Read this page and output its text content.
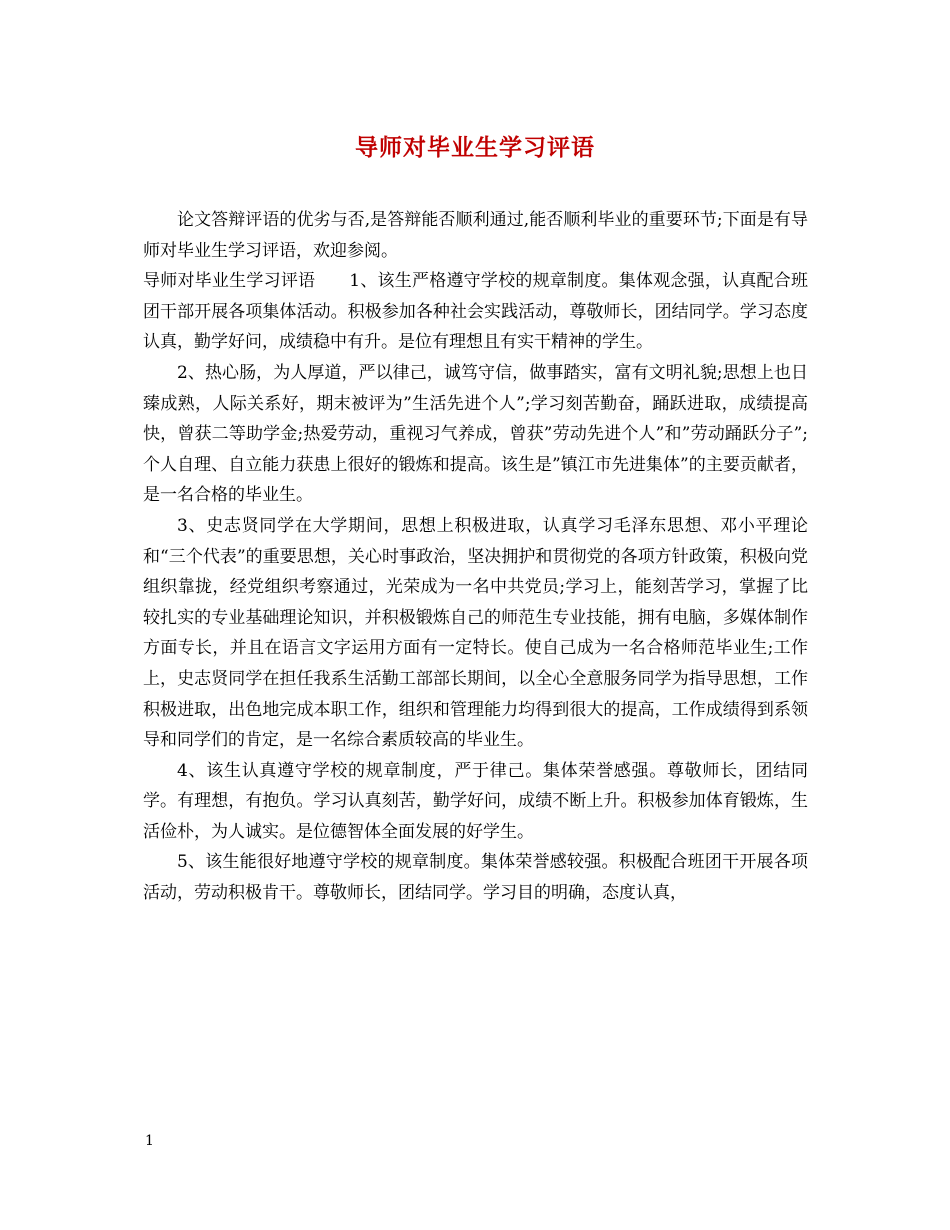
导师对毕业生学习评语

论文答辩评语的优劣与否,是答辩能否顺利通过,能否顺利毕业的重要环节;下面是有导师对毕业生学习评语，欢迎参阅。

导师对毕业生学习评语 1、该生严格遵守学校的规章制度。集体观念强，认真配合班团干部开展各项集体活动。积极参加各种社会实践活动，尊敬师长，团结同学。学习态度认真，勤学好问，成绩稳中有升。是位有理想且有实干精神的学生。

2、热心肠，为人厚道，严以律己，诚笃守信，做事踏实，富有文明礼貌;思想上也日臻成熟，人际关系好，期末被评为”生活先进个人”;学习刻苦勤奋，踊跃进取，成绩提高快，曾获二等助学金;热爱劳动，重视习气养成，曾获”劳动先进个人”和”劳动踊跃分子”;个人自理、自立能力获患上很好的锻炼和提高。该生是”镇江市先进集体”的主要贡献者，是一名合格的毕业生。

3、史志贤同学在大学期间，思想上积极进取，认真学习毛泽东思想、邓小平理论和“三个代表”的重要思想，关心时事政治，坚决拥护和贯彻党的各项方针政策，积极向党组织靠拢，经党组织考察通过，光荣成为一名中共党员;学习上，能刻苦学习，掌握了比较扎实的专业基础理论知识，并积极锻炼自己的师范生专业技能，拥有电脑，多媒体制作方面专长，并且在语言文字运用方面有一定特长。使自己成为一名合格师范毕业生;工作上，史志贤同学在担任我系生活勤工部部长期间，以全心全意服务同学为指导思想，工作积极进取，出色地完成本职工作，组织和管理能力均得到很大的提高，工作成绩得到系领导和同学们的肯定，是一名综合素质较高的毕业生。

4、该生认真遵守学校的规章制度，严于律己。集体荣誉感强。尊敬师长，团结同学。有理想，有抱负。学习认真刻苦，勤学好问，成绩不断上升。积极参加体育锻炼，生活俭朴，为人诚实。是位德智体全面发展的好学生。

5、该生能很好地遵守学校的规章制度。集体荣誉感较强。积极配合班团干开展各项活动，劳动积极肯干。尊敬师长，团结同学。学习目的明确，态度认真，

1
